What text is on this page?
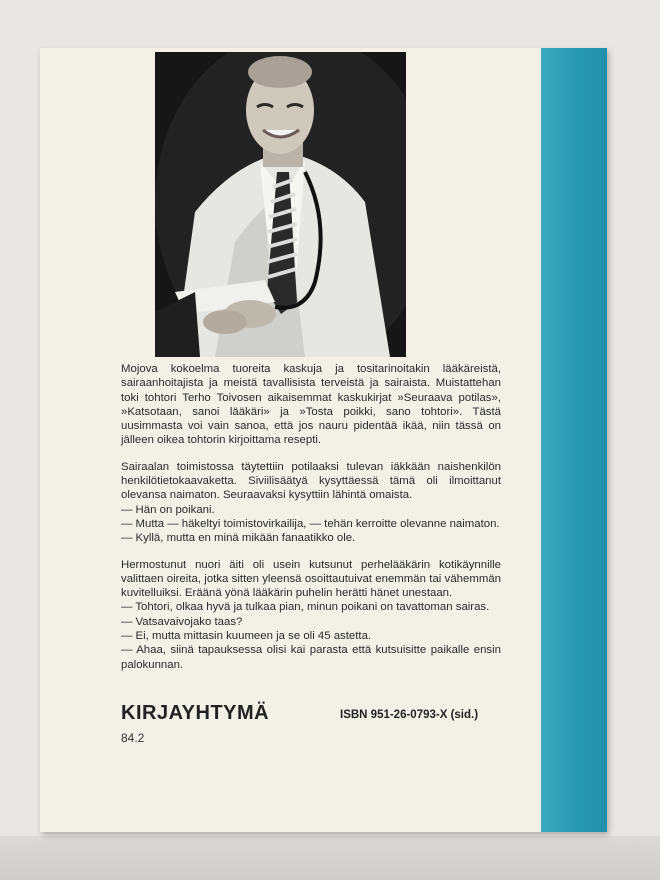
Mojova kokoelma tuoreita kaskuja ja tositarinoitakin lääkäreistä, sairaanhoitajista ja meistä tavallisista terveistä ja sairaista. Muistattehan toki tohtori Terho Toivosen aikaisemmat kaskukirjat »Seuraava potilas», »Katsotaan, sanoi lääkäri» ja »Tosta poikki, sano tohtori». Tästä uusimmasta voi vain sanoa, että jos nauru pidentää ikää, niin tässä on jälleen oikea tohtorin kirjoittama resepti.

Sairaalan toimistossa täytettiin potilaaksi tulevan iäkkään naishenkilön henkilötietokaavaketta. Siviilisäätyä kysyttäessä tämä oli ilmoittanut olevansa naimaton. Seuraavaksi kysyttiin lähintä omaista.
— Hän on poikani.
— Mutta — häkeltyi toimistovirkailija, — tehän kerroitte olevanne naimaton.
— Kyllä, mutta en minä mikään fanaatikko ole.

Hermostunut nuori äiti oli usein kutsunut perhelääkärin kotikäynnille valittaen oireita, jotka sitten yleensä osoittautuivat enemmän tai vähemmän kuvitelluiksi. Eräänä yönä lääkärin puhelin herätti hänet unestaan.
— Tohtori, olkaa hyvä ja tulkaa pian, minun poikani on tavattoman sairas.
— Vatsavaivojako taas?
— Ei, mutta mittasin kuumeen ja se oli 45 astetta.
— Ahaa, siinä tapauksessa olisi kai parasta että kutsuisitte paikalle ensin palokunnan.

KIRJAYHTYMÄ	ISBN 951-26-0793-X (sid.)
84.2
